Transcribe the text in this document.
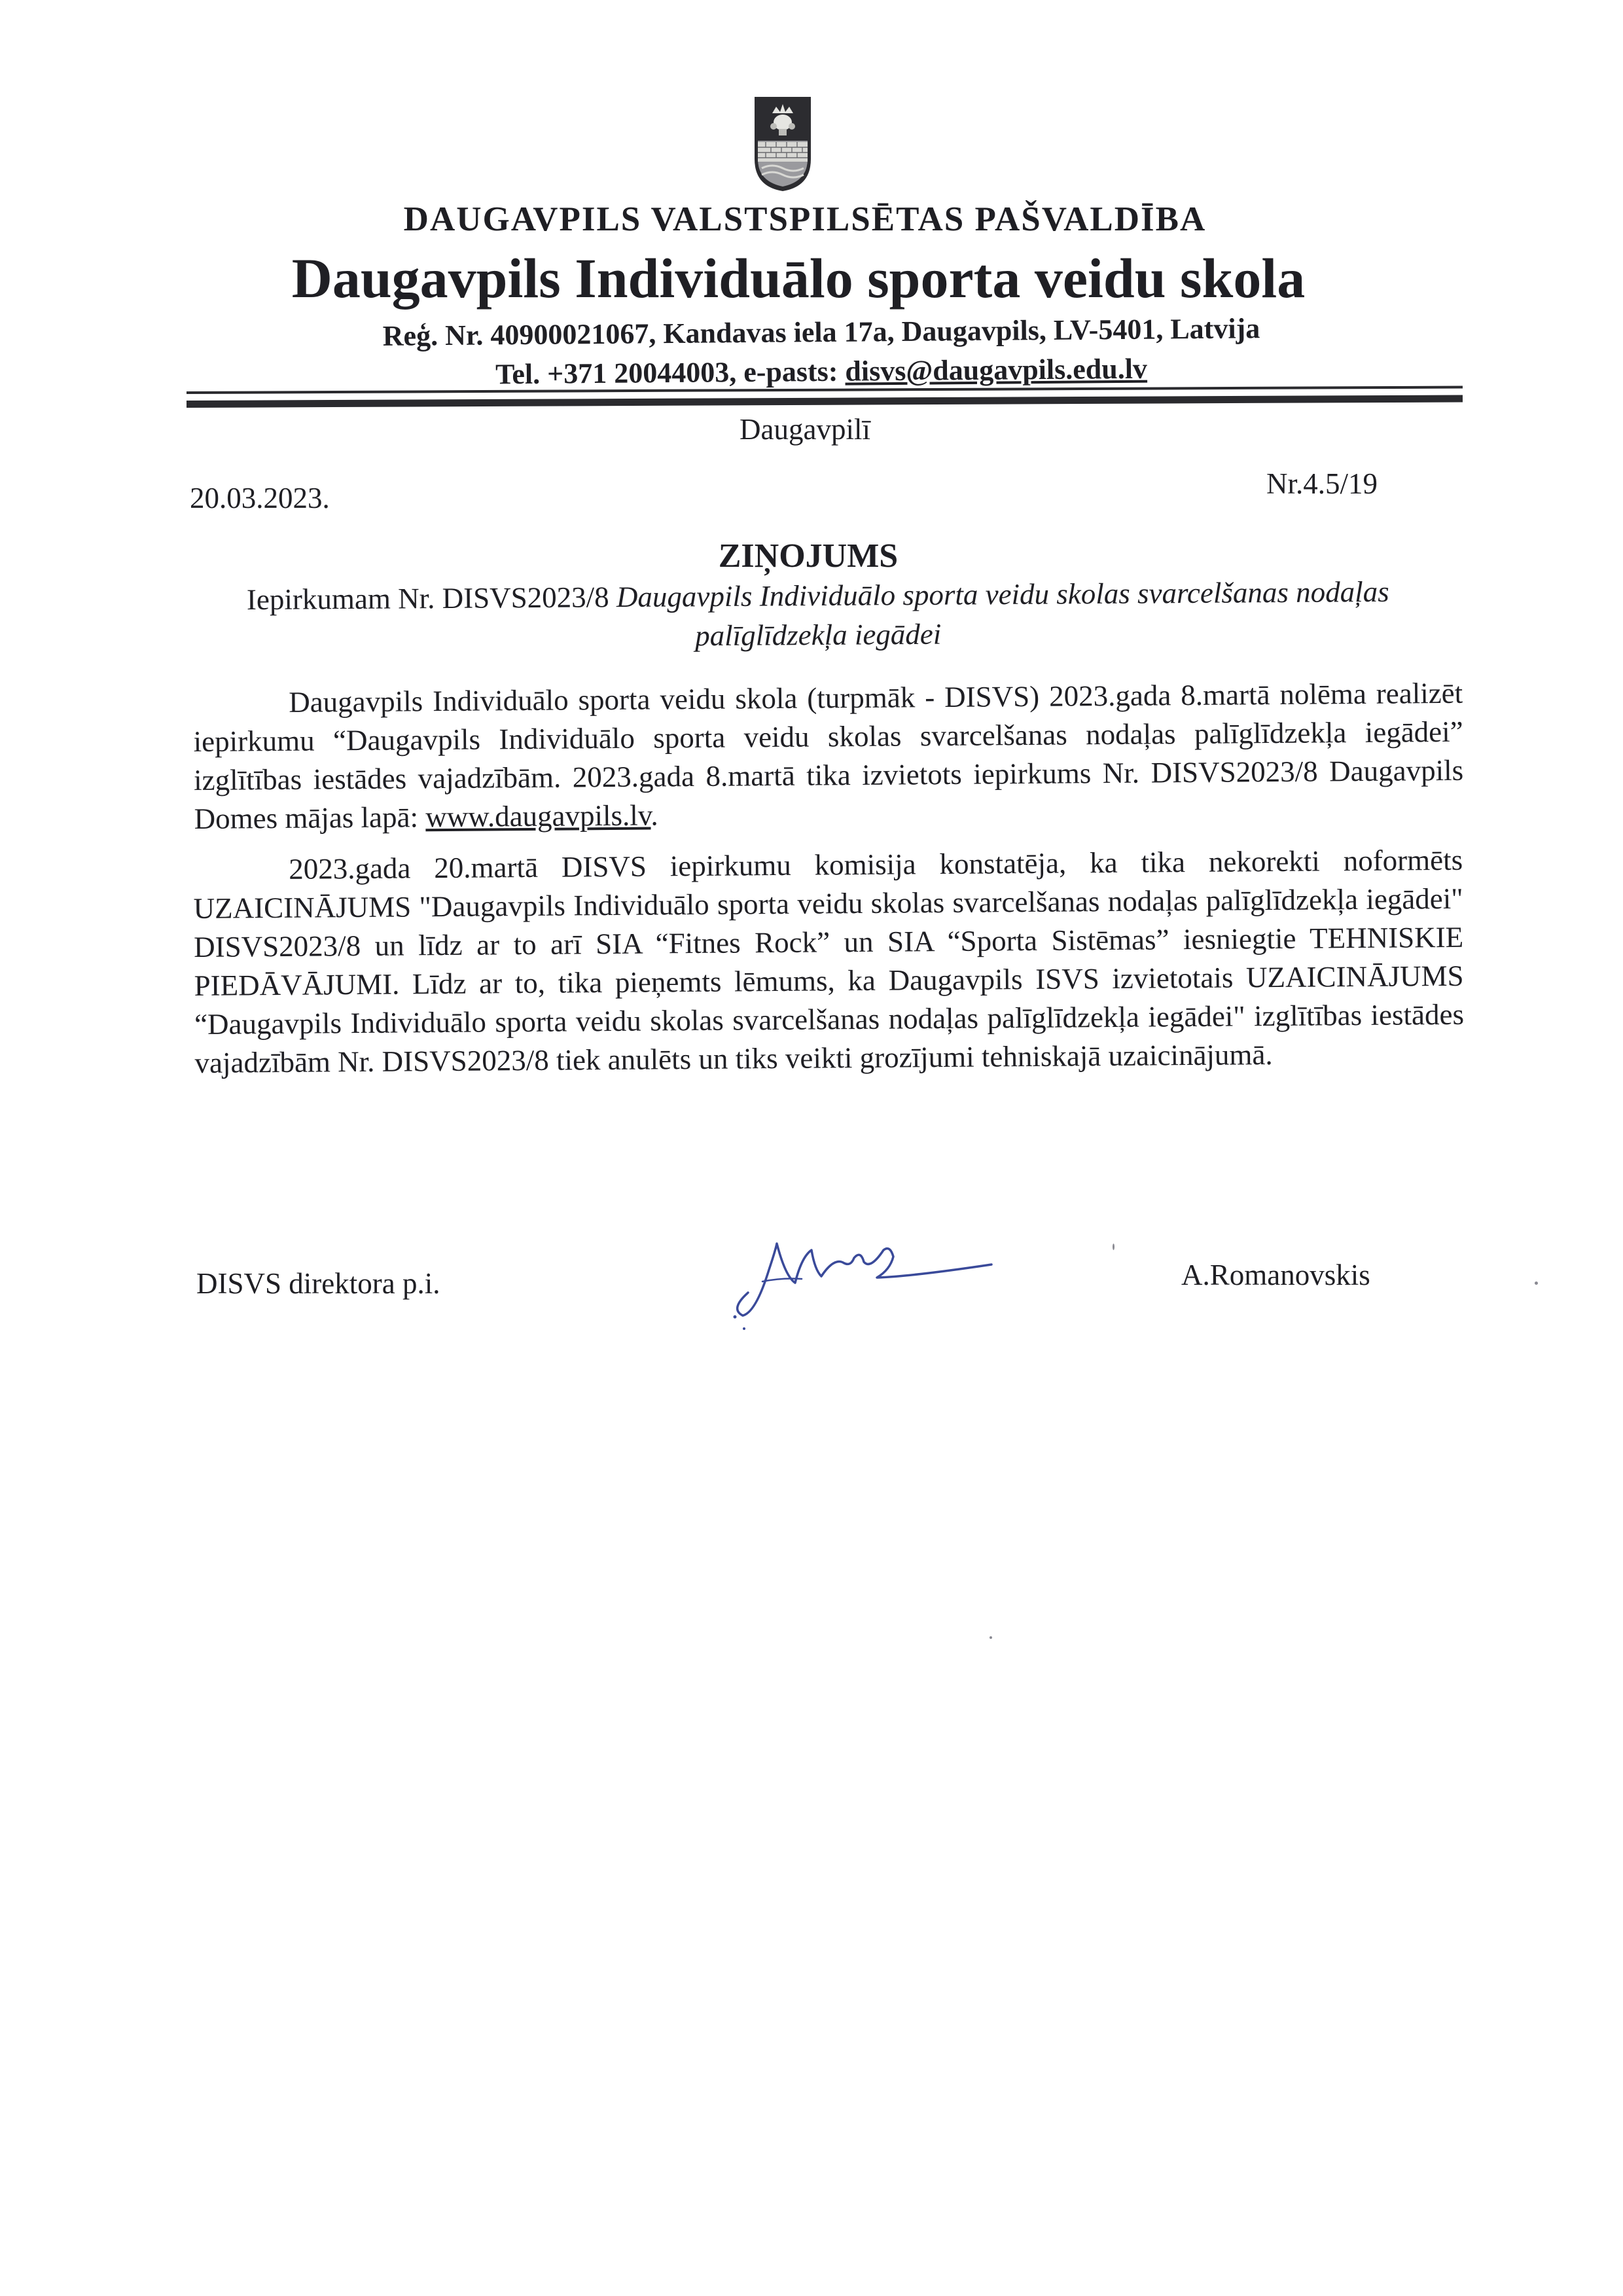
DAUGAVPILS VALSTSPILSĒTAS PAŠVALDĪBA
Daugavpils Individuālo sporta veidu skola
Reģ. Nr. 40900021067, Kandavas iela 17a, Daugavpils, LV-5401, Latvija
Tel. +371 20044003, e-pasts: disvs@daugavpils.edu.lv
Daugavpilī
20.03.2023.	Nr.4.5/19
ZIŅOJUMS
Iepirkumam Nr. DISVS2023/8 Daugavpils Individuālo sporta veidu skolas svarcelšanas nodaļas palīglīdzekļa iegādei

Daugavpils Individuālo sporta veidu skola (turpmāk - DISVS) 2023.gada 8.martā nolēma realizēt iepirkumu “Daugavpils Individuālo sporta veidu skolas svarcelšanas nodaļas palīglīdzekļa iegādei” izglītības iestādes vajadzībām. 2023.gada 8.martā tika izvietots iepirkums Nr. DISVS2023/8 Daugavpils Domes mājas lapā: www.daugavpils.lv.

2023.gada 20.martā DISVS iepirkumu komisija konstatēja, ka tika nekorekti noformēts UZAICINĀJUMS "Daugavpils Individuālo sporta veidu skolas svarcelšanas nodaļas palīglīdzekļa iegādei" DISVS2023/8 un līdz ar to arī SIA “Fitnes Rock” un SIA “Sporta Sistēmas” iesniegtie TEHNISKIE PIEDĀVĀJUMI. Līdz ar to, tika pieņemts lēmums, ka Daugavpils ISVS izvietotais UZAICINĀJUMS “Daugavpils Individuālo sporta veidu skolas svarcelšanas nodaļas palīglīdzekļa iegādei" izglītības iestādes vajadzībām Nr. DISVS2023/8 tiek anulēts un tiks veikti grozījumi tehniskajā uzaicinājumā.

DISVS direktora p.i.	A.Romanovskis
